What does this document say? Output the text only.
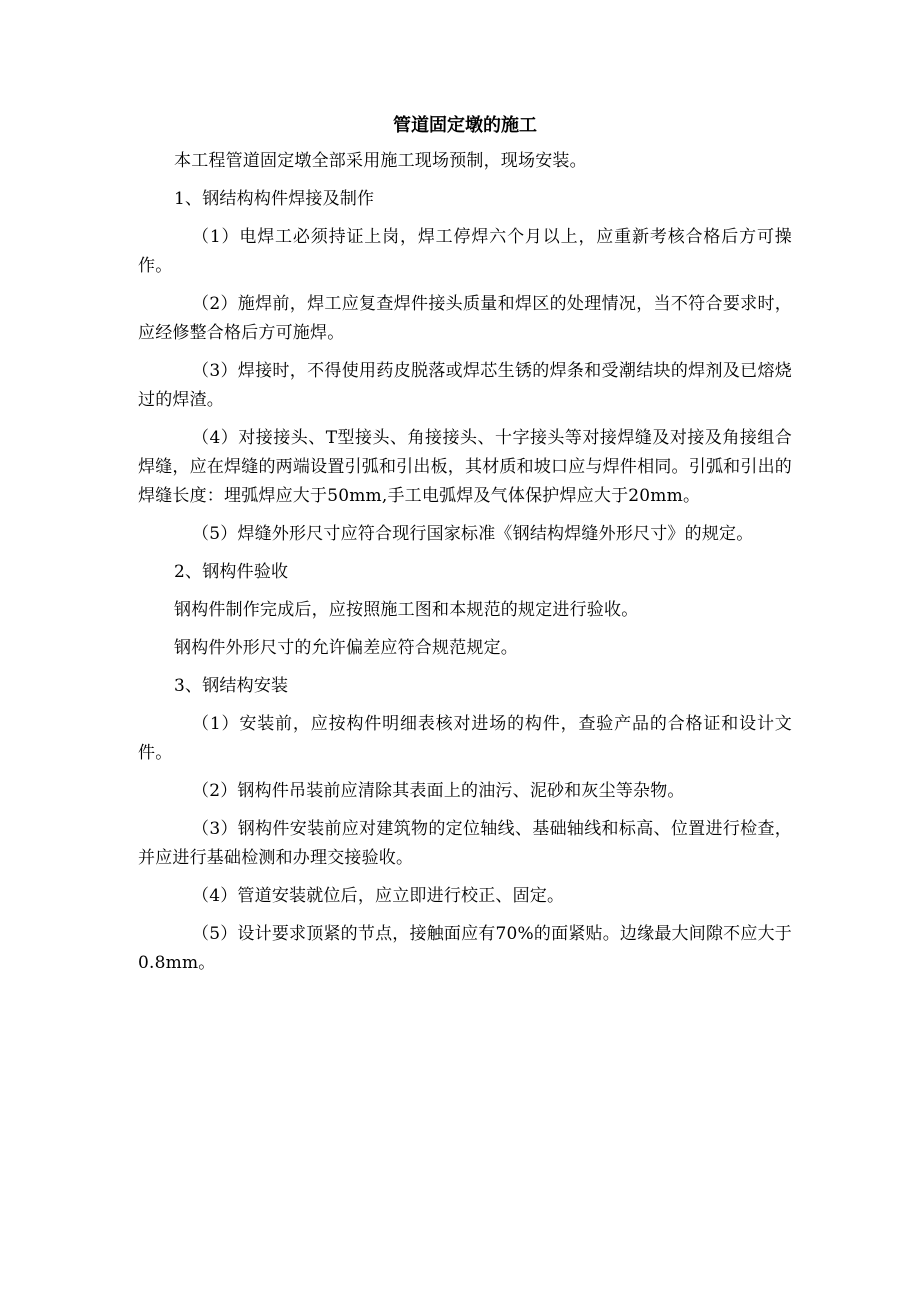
管道固定墩的施工

本工程管道固定墩全部采用施工现场预制，现场安装。

1、钢结构构件焊接及制作

（1）电焊工必须持证上岗，焊工停焊六个月以上，应重新考核合格后方可操作。

（2）施焊前，焊工应复查焊件接头质量和焊区的处理情况，当不符合要求时，应经修整合格后方可施焊。

（3）焊接时，不得使用药皮脱落或焊芯生锈的焊条和受潮结块的焊剂及已熔烧过的焊渣。

（4）对接接头、T型接头、角接接头、十字接头等对接焊缝及对接及角接组合焊缝，应在焊缝的两端设置引弧和引出板，其材质和坡口应与焊件相同。引弧和引出的焊缝长度：埋弧焊应大于50mm,手工电弧焊及气体保护焊应大于20mm。

（5）焊缝外形尺寸应符合现行国家标准《钢结构焊缝外形尺寸》的规定。

2、钢构件验收

钢构件制作完成后，应按照施工图和本规范的规定进行验收。

钢构件外形尺寸的允许偏差应符合规范规定。

3、钢结构安装

（1）安装前，应按构件明细表核对进场的构件，查验产品的合格证和设计文件。

（2）钢构件吊装前应清除其表面上的油污、泥砂和灰尘等杂物。

（3）钢构件安装前应对建筑物的定位轴线、基础轴线和标高、位置进行检查，并应进行基础检测和办理交接验收。

（4）管道安装就位后，应立即进行校正、固定。

（5）设计要求顶紧的节点，接触面应有70%的面紧贴。边缘最大间隙不应大于0.8mm。
